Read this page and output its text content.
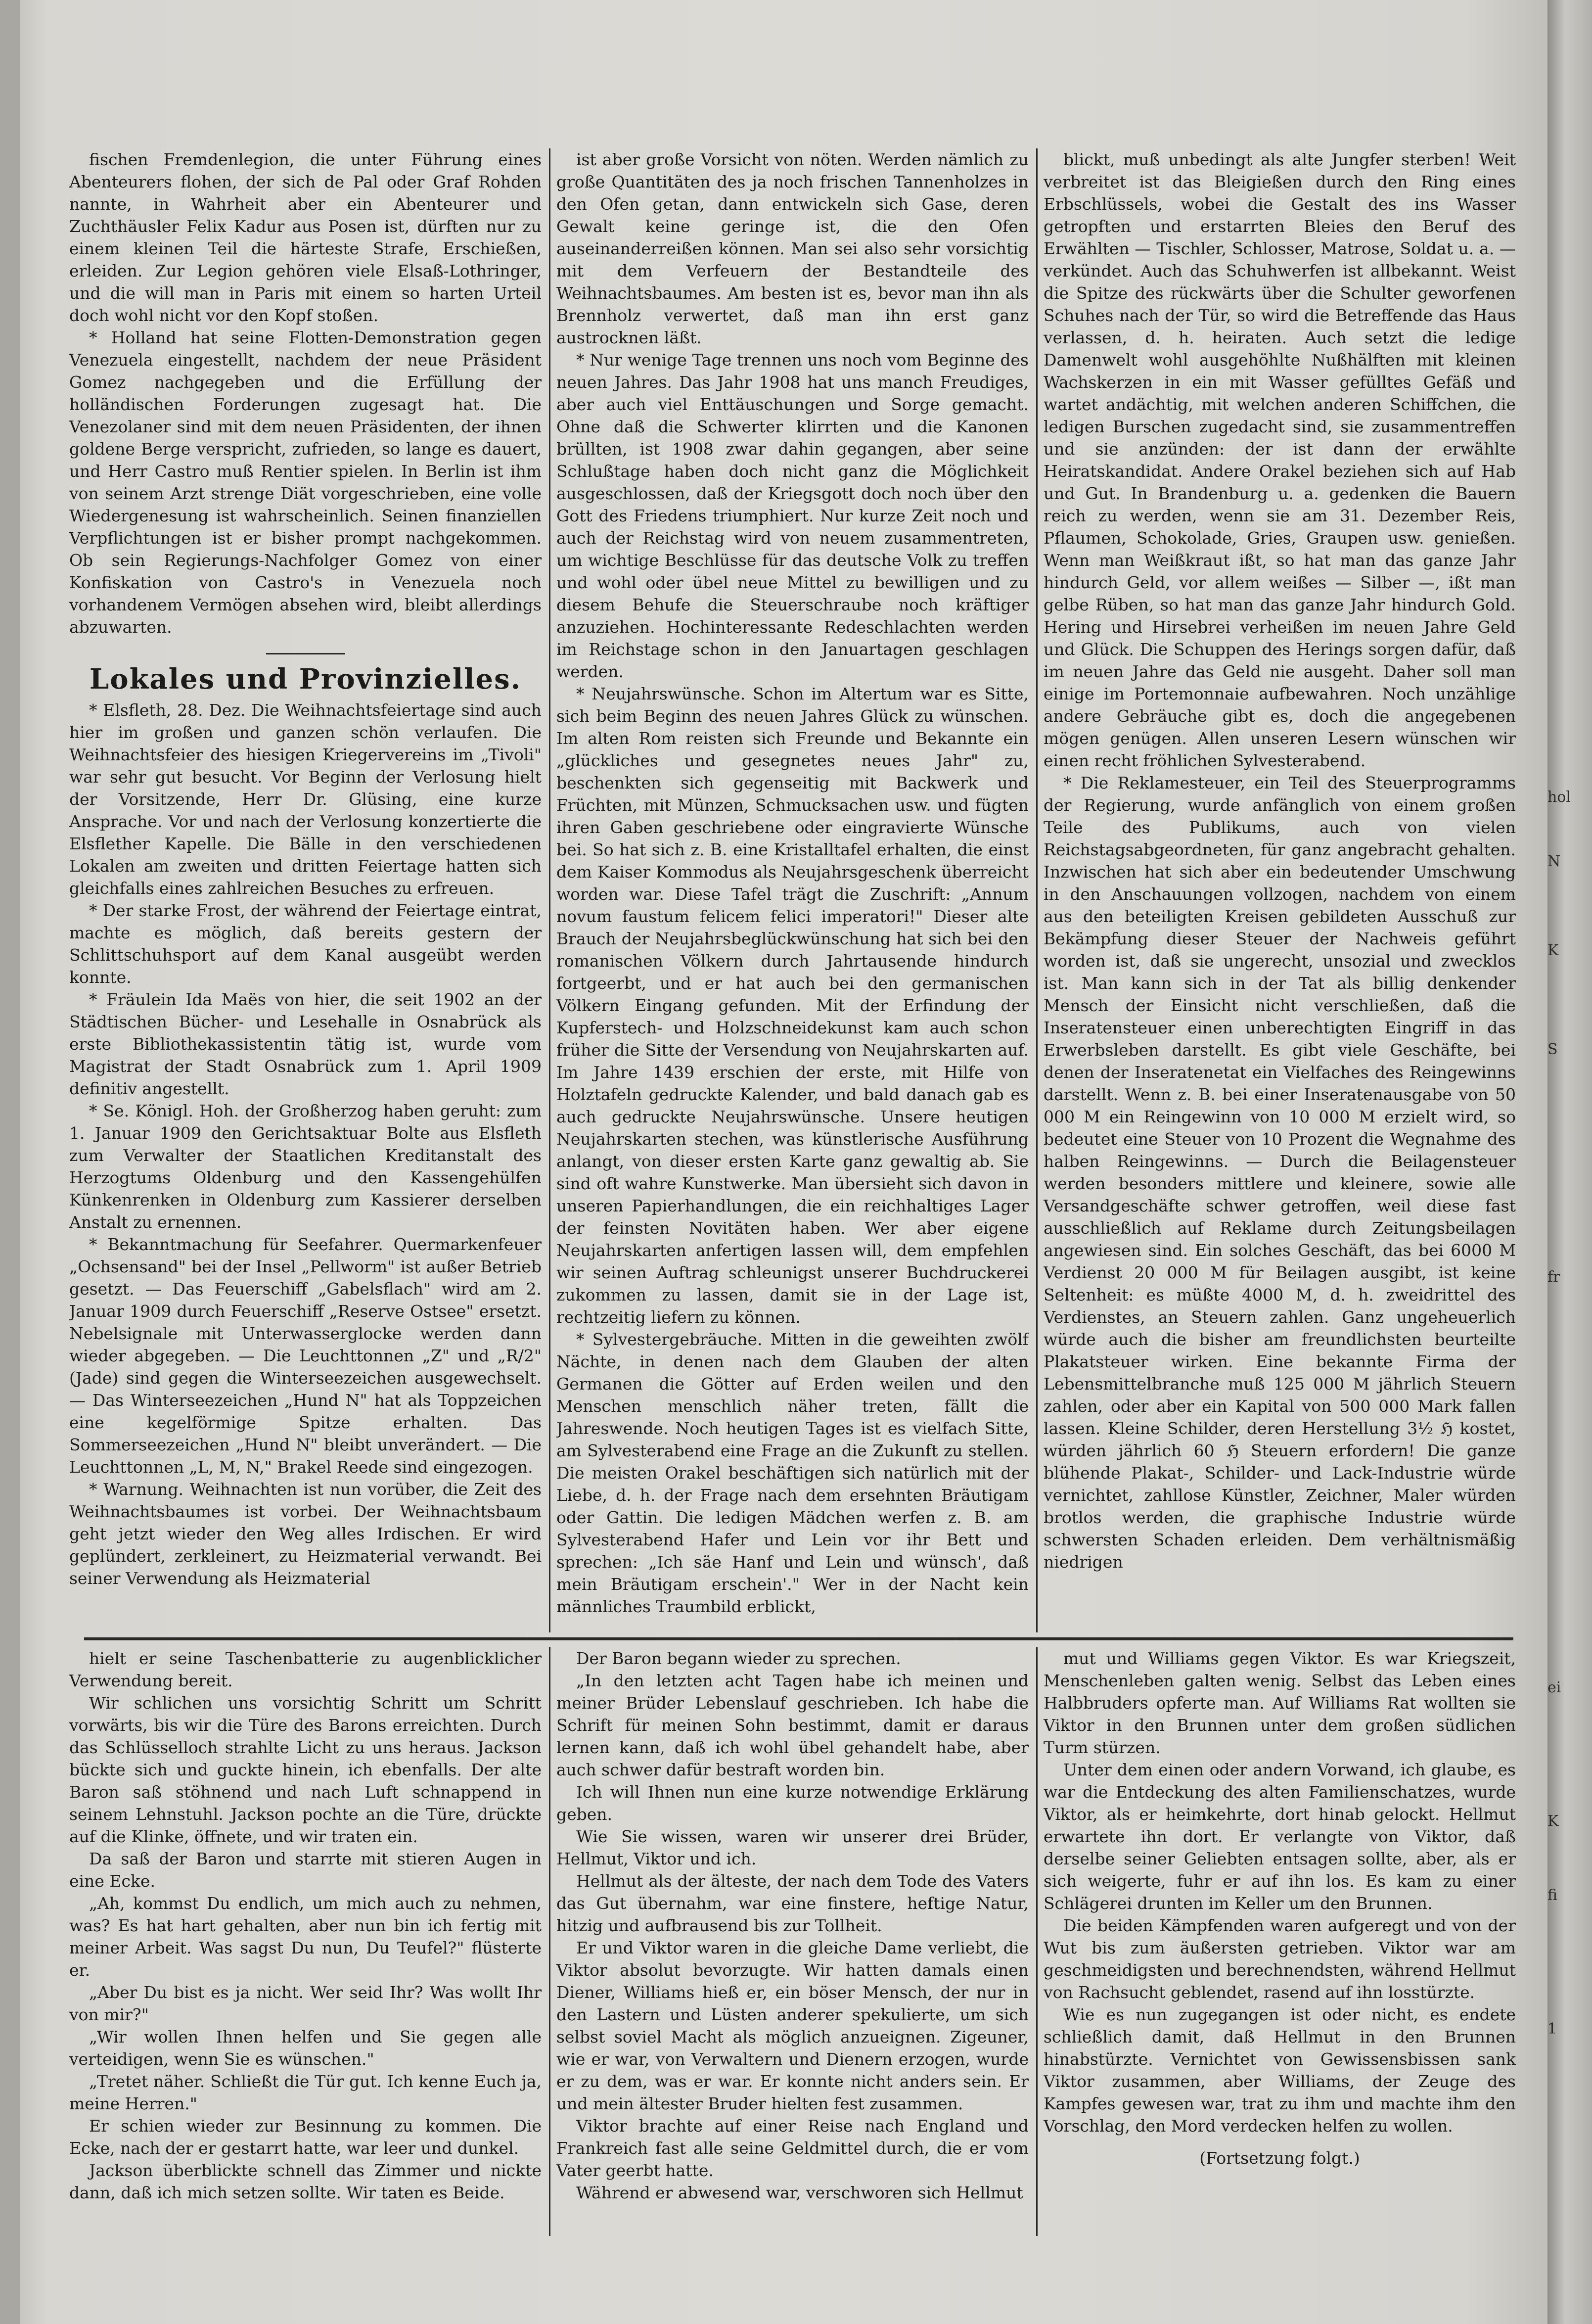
fischen Fremdenlegion, die unter Führung eines Abenteurers flohen, der sich de Pal oder Graf Rohden nannte, in Wahrheit aber ein Abenteurer und Zuchthäusler Felix Kadur aus Posen ist, dürften nur zu einem kleinen Teil die härteste Strafe, Erschießen, erleiden. Zur Legion gehören viele Elsaß-Lothringer, und die will man in Paris mit einem so harten Urteil doch wohl nicht vor den Kopf stoßen.

* Holland hat seine Flotten-Demonstration gegen Venezuela eingestellt, nachdem der neue Präsident Gomez nachgegeben und die Erfüllung der holländischen Forderungen zugesagt hat. Die Venezolaner sind mit dem neuen Präsidenten, der ihnen goldene Berge verspricht, zufrieden, so lange es dauert, und Herr Castro muß Rentier spielen. In Berlin ist ihm von seinem Arzt strenge Diät vorgeschrieben, eine volle Wiedergenesung ist wahrscheinlich. Seinen finanziellen Verpflichtungen ist er bisher prompt nachgekommen. Ob sein Regierungs-Nachfolger Gomez von einer Konfiskation von Castro's in Venezuela noch vorhandenem Vermögen absehen wird, bleibt allerdings abzuwarten.

Lokales und Provinzielles.

* Elsfleth, 28. Dez. Die Weihnachtsfeiertage sind auch hier im großen und ganzen schön verlaufen. Die Weihnachtsfeier des hiesigen Kriegervereins im „Tivoli" war sehr gut besucht. Vor Beginn der Verlosung hielt der Vorsitzende, Herr Dr. Glüsing, eine kurze Ansprache. Vor und nach der Verlosung konzertierte die Elsflether Kapelle. Die Bälle in den verschiedenen Lokalen am zweiten und dritten Feiertage hatten sich gleichfalls eines zahlreichen Besuches zu erfreuen.

* Der starke Frost, der während der Feiertage eintrat, machte es möglich, daß bereits gestern der Schlittschuhsport auf dem Kanal ausgeübt werden konnte.

* Fräulein Ida Maës von hier, die seit 1902 an der Städtischen Bücher- und Lesehalle in Osnabrück als erste Bibliothekassistentin tätig ist, wurde vom Magistrat der Stadt Osnabrück zum 1. April 1909 definitiv angestellt.

* Se. Königl. Hoh. der Großherzog haben geruht: zum 1. Januar 1909 den Gerichtsaktuar Bolte aus Elsfleth zum Verwalter der Staatlichen Kreditanstalt des Herzogtums Oldenburg und den Kassengehülfen Künkenrenken in Oldenburg zum Kassierer derselben Anstalt zu ernennen.

* Bekanntmachung für Seefahrer. Quermarkenfeuer „Ochsensand" bei der Insel „Pellworm" ist außer Betrieb gesetzt. — Das Feuerschiff „Gabelsflach" wird am 2. Januar 1909 durch Feuerschiff „Reserve Ostsee" ersetzt. Nebelsignale mit Unterwasserglocke werden dann wieder abgegeben. — Die Leuchttonnen „Z" und „R/2" (Jade) sind gegen die Winterseezeichen ausgewechselt. — Das Winterseezeichen „Hund N" hat als Toppzeichen eine kegelförmige Spitze erhalten. Das Sommerseezeichen „Hund N" bleibt unverändert. — Die Leuchttonnen „L, M, N," Brakel Reede sind eingezogen.

* Warnung. Weihnachten ist nun vorüber, die Zeit des Weihnachtsbaumes ist vorbei. Der Weihnachtsbaum geht jetzt wieder den Weg alles Irdischen. Er wird geplündert, zerkleinert, zu Heizmaterial verwandt. Bei seiner Verwendung als Heizmaterial

ist aber große Vorsicht von nöten. Werden nämlich zu große Quantitäten des ja noch frischen Tannenholzes in den Ofen getan, dann entwickeln sich Gase, deren Gewalt keine geringe ist, die den Ofen auseinanderreißen können. Man sei also sehr vorsichtig mit dem Verfeuern der Bestandteile des Weihnachtsbaumes. Am besten ist es, bevor man ihn als Brennholz verwertet, daß man ihn erst ganz austrocknen läßt.

* Nur wenige Tage trennen uns noch vom Beginne des neuen Jahres. Das Jahr 1908 hat uns manch Freudiges, aber auch viel Enttäuschungen und Sorge gemacht. Ohne daß die Schwerter klirrten und die Kanonen brüllten, ist 1908 zwar dahin gegangen, aber seine Schlußtage haben doch nicht ganz die Möglichkeit ausgeschlossen, daß der Kriegsgott doch noch über den Gott des Friedens triumphiert. Nur kurze Zeit noch und auch der Reichstag wird von neuem zusammentreten, um wichtige Beschlüsse für das deutsche Volk zu treffen und wohl oder übel neue Mittel zu bewilligen und zu diesem Behufe die Steuerschraube noch kräftiger anzuziehen. Hochinteressante Redeschlachten werden im Reichstage schon in den Januartagen geschlagen werden.

* Neujahrswünsche. Schon im Altertum war es Sitte, sich beim Beginn des neuen Jahres Glück zu wünschen. Im alten Rom reisten sich Freunde und Bekannte ein „glückliches und gesegnetes neues Jahr" zu, beschenkten sich gegenseitig mit Backwerk und Früchten, mit Münzen, Schmucksachen usw. und fügten ihren Gaben geschriebene oder eingravierte Wünsche bei. So hat sich z. B. eine Kristalltafel erhalten, die einst dem Kaiser Kommodus als Neujahrsgeschenk überreicht worden war. Diese Tafel trägt die Zuschrift: „Annum novum faustum felicem felici imperatori!" Dieser alte Brauch der Neujahrsbeglückwünschung hat sich bei den romanischen Völkern durch Jahrtausende hindurch fortgeerbt, und er hat auch bei den germanischen Völkern Eingang gefunden. Mit der Erfindung der Kupferstech- und Holzschneidekunst kam auch schon früher die Sitte der Versendung von Neujahrskarten auf. Im Jahre 1439 erschien der erste, mit Hilfe von Holztafeln gedruckte Kalender, und bald danach gab es auch gedruckte Neujahrswünsche. Unsere heutigen Neujahrskarten stechen, was künstlerische Ausführung anlangt, von dieser ersten Karte ganz gewaltig ab. Sie sind oft wahre Kunstwerke. Man übersieht sich davon in unseren Papierhandlungen, die ein reichhaltiges Lager der feinsten Novitäten haben. Wer aber eigene Neujahrskarten anfertigen lassen will, dem empfehlen wir seinen Auftrag schleunigst unserer Buchdruckerei zukommen zu lassen, damit sie in der Lage ist, rechtzeitig liefern zu können.

* Sylvestergebräuche. Mitten in die geweihten zwölf Nächte, in denen nach dem Glauben der alten Germanen die Götter auf Erden weilen und den Menschen menschlich näher treten, fällt die Jahreswende. Noch heutigen Tages ist es vielfach Sitte, am Sylvesterabend eine Frage an die Zukunft zu stellen. Die meisten Orakel beschäftigen sich natürlich mit der Liebe, d. h. der Frage nach dem ersehnten Bräutigam oder Gattin. Die ledigen Mädchen werfen z. B. am Sylvesterabend Hafer und Lein vor ihr Bett und sprechen: „Ich säe Hanf und Lein und wünsch', daß mein Bräutigam erschein'." Wer in der Nacht kein männliches Traumbild erblickt,

blickt, muß unbedingt als alte Jungfer sterben! Weit verbreitet ist das Bleigießen durch den Ring eines Erbschlüssels, wobei die Gestalt des ins Wasser getropften und erstarrten Bleies den Beruf des Erwählten — Tischler, Schlosser, Matrose, Soldat u. a. — verkündet. Auch das Schuhwerfen ist allbekannt. Weist die Spitze des rückwärts über die Schulter geworfenen Schuhes nach der Tür, so wird die Betreffende das Haus verlassen, d. h. heiraten. Auch setzt die ledige Damenwelt wohl ausgehöhlte Nußhälften mit kleinen Wachskerzen in ein mit Wasser gefülltes Gefäß und wartet andächtig, mit welchen anderen Schiffchen, die ledigen Burschen zugedacht sind, sie zusammentreffen und sie anzünden: der ist dann der erwählte Heiratskandidat. Andere Orakel beziehen sich auf Hab und Gut. In Brandenburg u. a. gedenken die Bauern reich zu werden, wenn sie am 31. Dezember Reis, Pflaumen, Schokolade, Gries, Graupen usw. genießen. Wenn man Weißkraut ißt, so hat man das ganze Jahr hindurch Geld, vor allem weißes — Silber —, ißt man gelbe Rüben, so hat man das ganze Jahr hindurch Gold. Hering und Hirsebrei verheißen im neuen Jahre Geld und Glück. Die Schuppen des Herings sorgen dafür, daß im neuen Jahre das Geld nie ausgeht. Daher soll man einige im Portemonnaie aufbewahren. Noch unzählige andere Gebräuche gibt es, doch die angegebenen mögen genügen. Allen unseren Lesern wünschen wir einen recht fröhlichen Sylvesterabend.

* Die Reklamesteuer, ein Teil des Steuerprogramms der Regierung, wurde anfänglich von einem großen Teile des Publikums, auch von vielen Reichstagsabgeordneten, für ganz angebracht gehalten. Inzwischen hat sich aber ein bedeutender Umschwung in den Anschauungen vollzogen, nachdem von einem aus den beteiligten Kreisen gebildeten Ausschuß zur Bekämpfung dieser Steuer der Nachweis geführt worden ist, daß sie ungerecht, unsozial und zwecklos ist. Man kann sich in der Tat als billig denkender Mensch der Einsicht nicht verschließen, daß die Inseratensteuer einen unberechtigten Eingriff in das Erwerbsleben darstellt. Es gibt viele Geschäfte, bei denen der Inseratenetat ein Vielfaches des Reingewinns darstellt. Wenn z. B. bei einer Inseratenausgabe von 50 000 M ein Reingewinn von 10 000 M erzielt wird, so bedeutet eine Steuer von 10 Prozent die Wegnahme des halben Reingewinns. — Durch die Beilagensteuer werden besonders mittlere und kleinere, sowie alle Versandgeschäfte schwer getroffen, weil diese fast ausschließlich auf Reklame durch Zeitungsbeilagen angewiesen sind. Ein solches Geschäft, das bei 6000 M Verdienst 20 000 M für Beilagen ausgibt, ist keine Seltenheit: es müßte 4000 M, d. h. zweidrittel des Verdienstes, an Steuern zahlen. Ganz ungeheuerlich würde auch die bisher am freundlichsten beurteilte Plakatsteuer wirken. Eine bekannte Firma der Lebensmittelbranche muß 125 000 M jährlich Steuern zahlen, oder aber ein Kapital von 500 000 Mark fallen lassen. Kleine Schilder, deren Herstellung 3½ ℌ kostet, würden jährlich 60 ℌ Steuern erfordern! Die ganze blühende Plakat-, Schilder- und Lack-Industrie würde vernichtet, zahllose Künstler, Zeichner, Maler würden brotlos werden, die graphische Industrie würde schwersten Schaden erleiden. Dem verhältnismäßig niedrigen

hielt er seine Taschenbatterie zu augenblicklicher Verwendung bereit.

Wir schlichen uns vorsichtig Schritt um Schritt vorwärts, bis wir die Türe des Barons erreichten. Durch das Schlüsselloch strahlte Licht zu uns heraus. Jackson bückte sich und guckte hinein, ich ebenfalls. Der alte Baron saß stöhnend und nach Luft schnappend in seinem Lehnstuhl. Jackson pochte an die Türe, drückte auf die Klinke, öffnete, und wir traten ein.

Da saß der Baron und starrte mit stieren Augen in eine Ecke.

„Ah, kommst Du endlich, um mich auch zu nehmen, was? Es hat hart gehalten, aber nun bin ich fertig mit meiner Arbeit. Was sagst Du nun, Du Teufel?" flüsterte er.

„Aber Du bist es ja nicht. Wer seid Ihr? Was wollt Ihr von mir?"

„Wir wollen Ihnen helfen und Sie gegen alle verteidigen, wenn Sie es wünschen."

„Tretet näher. Schließt die Tür gut. Ich kenne Euch ja, meine Herren."

Er schien wieder zur Besinnung zu kommen. Die Ecke, nach der er gestarrt hatte, war leer und dunkel.

Jackson überblickte schnell das Zimmer und nickte dann, daß ich mich setzen sollte. Wir taten es Beide.

Der Baron begann wieder zu sprechen.

„In den letzten acht Tagen habe ich meinen und meiner Brüder Lebenslauf geschrieben. Ich habe die Schrift für meinen Sohn bestimmt, damit er daraus lernen kann, daß ich wohl übel gehandelt habe, aber auch schwer dafür bestraft worden bin.

Ich will Ihnen nun eine kurze notwendige Erklärung geben.

Wie Sie wissen, waren wir unserer drei Brüder, Hellmut, Viktor und ich.

Hellmut als der älteste, der nach dem Tode des Vaters das Gut übernahm, war eine finstere, heftige Natur, hitzig und aufbrausend bis zur Tollheit.

Er und Viktor waren in die gleiche Dame verliebt, die Viktor absolut bevorzugte. Wir hatten damals einen Diener, Williams hieß er, ein böser Mensch, der nur in den Lastern und Lüsten anderer spekulierte, um sich selbst soviel Macht als möglich anzueignen. Zigeuner, wie er war, von Verwaltern und Dienern erzogen, wurde er zu dem, was er war. Er konnte nicht anders sein. Er und mein ältester Bruder hielten fest zusammen.

Viktor brachte auf einer Reise nach England und Frankreich fast alle seine Geldmittel durch, die er vom Vater geerbt hatte.

Während er abwesend war, verschworen sich Hellmut

mut und Williams gegen Viktor. Es war Kriegszeit, Menschenleben galten wenig. Selbst das Leben eines Halbbruders opferte man. Auf Williams Rat wollten sie Viktor in den Brunnen unter dem großen südlichen Turm stürzen.

Unter dem einen oder andern Vorwand, ich glaube, es war die Entdeckung des alten Familienschatzes, wurde Viktor, als er heimkehrte, dort hinab gelockt. Hellmut erwartete ihn dort. Er verlangte von Viktor, daß derselbe seiner Geliebten entsagen sollte, aber, als er sich weigerte, fuhr er auf ihn los. Es kam zu einer Schlägerei drunten im Keller um den Brunnen.

Die beiden Kämpfenden waren aufgeregt und von der Wut bis zum äußersten getrieben. Viktor war am geschmeidigsten und berechnendsten, während Hellmut von Rachsucht geblendet, rasend auf ihn losstürzte.

Wie es nun zugegangen ist oder nicht, es endete schließlich damit, daß Hellmut in den Brunnen hinabstürzte. Vernichtet von Gewissensbissen sank Viktor zusammen, aber Williams, der Zeuge des Kampfes gewesen war, trat zu ihm und machte ihm den Vorschlag, den Mord verdecken helfen zu wollen.

(Fortsetzung folgt.)

hol
N
K
S
fr
ei
K
fi
1
